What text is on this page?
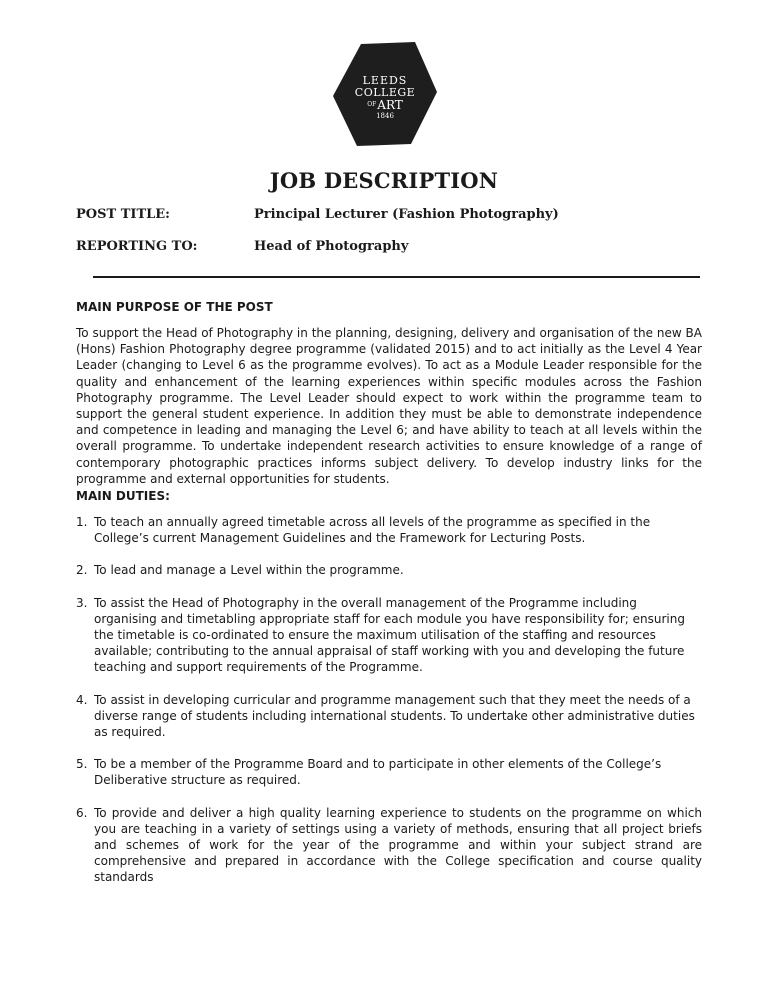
LEEDS
COLLEGE
OFART
1846
JOB DESCRIPTION
POST TITLE:	Principal Lecturer (Fashion Photography)
REPORTING TO:	Head of Photography
MAIN PURPOSE OF THE POST
To support the Head of Photography in the planning, designing, delivery and organisation of the new BA (Hons) Fashion Photography degree programme (validated 2015) and to act initially as the Level 4 Year Leader (changing to Level 6 as the programme evolves). To act as a Module Leader responsible for the quality and enhancement of the learning experiences within specific modules across the Fashion Photography programme. The Level Leader should expect to work within the programme team to support the general student experience. In addition they must be able to demonstrate independence and competence in leading and managing the Level 6; and have ability to teach at all levels within the overall programme. To undertake independent research activities to ensure knowledge of a range of contemporary photographic practices informs subject delivery. To develop industry links for the programme and external opportunities for students.
MAIN DUTIES:
1. To teach an annually agreed timetable across all levels of the programme as specified in the College’s current Management Guidelines and the Framework for Lecturing Posts.
2. To lead and manage a Level within the programme.
3. To assist the Head of Photography in the overall management of the Programme including organising and timetabling appropriate staff for each module you have responsibility for; ensuring the timetable is co-ordinated to ensure the maximum utilisation of the staffing and resources available; contributing to the annual appraisal of staff working with you and developing the future teaching and support requirements of the Programme.
4. To assist in developing curricular and programme management such that they meet the needs of a diverse range of students including international students. To undertake other administrative duties as required.
5. To be a member of the Programme Board and to participate in other elements of the College’s Deliberative structure as required.
6. To provide and deliver a high quality learning experience to students on the programme on which you are teaching in a variety of settings using a variety of methods, ensuring that all project briefs and schemes of work for the year of the programme and within your subject strand are comprehensive and prepared in accordance with the College specification and course quality standards
